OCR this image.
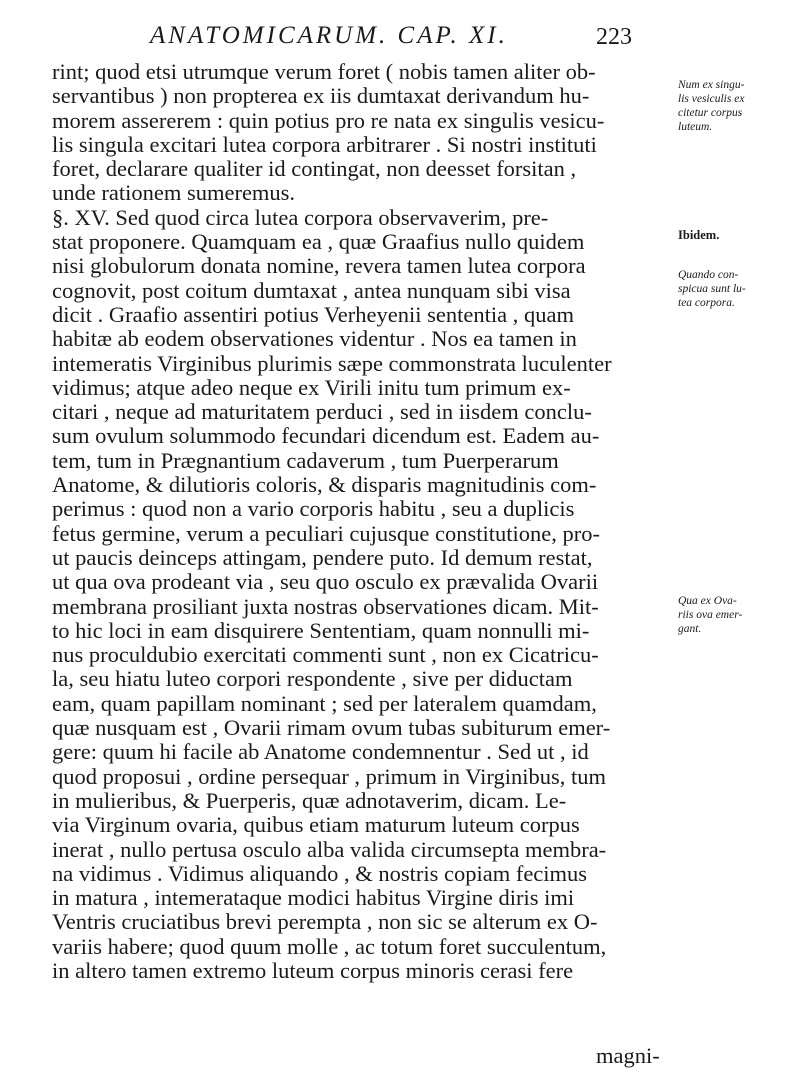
ANATOMICARUM. CAP. XI.	223
rint; quod etsi utrumque verum foret ( nobis tamen aliter ob-
servantibus ) non propterea ex iis dumtaxat derivandum hu-
morem assererem : quin potius pro re nata ex singulis vesicu-
lis singula excitari lutea corpora arbitrarer . Si nostri instituti
foret, declarare qualiter id contingat, non deesset forsitan ,
unde rationem sumeremus.
§. XV. Sed quod circa lutea corpora observaverim, pre-
stat proponere. Quamquam ea , quæ Graafius nullo quidem
nisi globulorum donata nomine, revera tamen lutea corpora
cognovit, post coitum dumtaxat , antea nunquam sibi visa
dicit . Graafio assentiri potius Verheyenii sententia , quam
habitæ ab eodem observationes videntur . Nos ea tamen in
intemeratis Virginibus plurimis sæpe commonstrata luculenter
vidimus; atque adeo neque ex Virili initu tum primum ex-
citari , neque ad maturitatem perduci , sed in iisdem conclu-
sum ovulum solummodo fecundari dicendum est. Eadem au-
tem, tum in Prægnantium cadaverum , tum Puerperarum
Anatome, & dilutioris coloris, & disparis magnitudinis com-
perimus : quod non a vario corporis habitu , seu a duplicis
fetus germine, verum a peculiari cujusque constitutione, pro-
ut paucis deinceps attingam, pendere puto. Id demum restat,
ut qua ova prodeant via , seu quo osculo ex prævalida Ovarii
membrana prosiliant juxta nostras observationes dicam. Mit-
to hic loci in eam disquirere Sententiam, quam nonnulli mi-
nus proculdubio exercitati commenti sunt , non ex Cicatricu-
la, seu hiatu luteo corpori respondente , sive per diductam
eam, quam papillam nominant ; sed per lateralem quamdam,
quæ nusquam est , Ovarii rimam ovum tubas subiturum emer-
gere: quum hi facile ab Anatome condemnentur . Sed ut , id
quod proposui , ordine persequar , primum in Virginibus, tum
in mulieribus, & Puerperis, quæ adnotaverim, dicam. Le-
via Virginum ovaria, quibus etiam maturum luteum corpus
inerat , nullo pertusa osculo alba valida circumsepta membra-
na vidimus . Vidimus aliquando , & nostris copiam fecimus
in matura , intemerataque modici habitus Virgine diris imi
Ventris cruciatibus brevi perempta , non sic se alterum ex O-
variis habere; quod quum molle , ac totum foret succulentum,
in altero tamen extremo luteum corpus minoris cerasi fere
Num ex singu-
lis vesiculis ex
citetur corpus
luteum.
Ibidem.
Quando con-
spicua sunt lu-
tea corpora.
Qua ex Ova-
riis ova emer-
gant.
magni-
